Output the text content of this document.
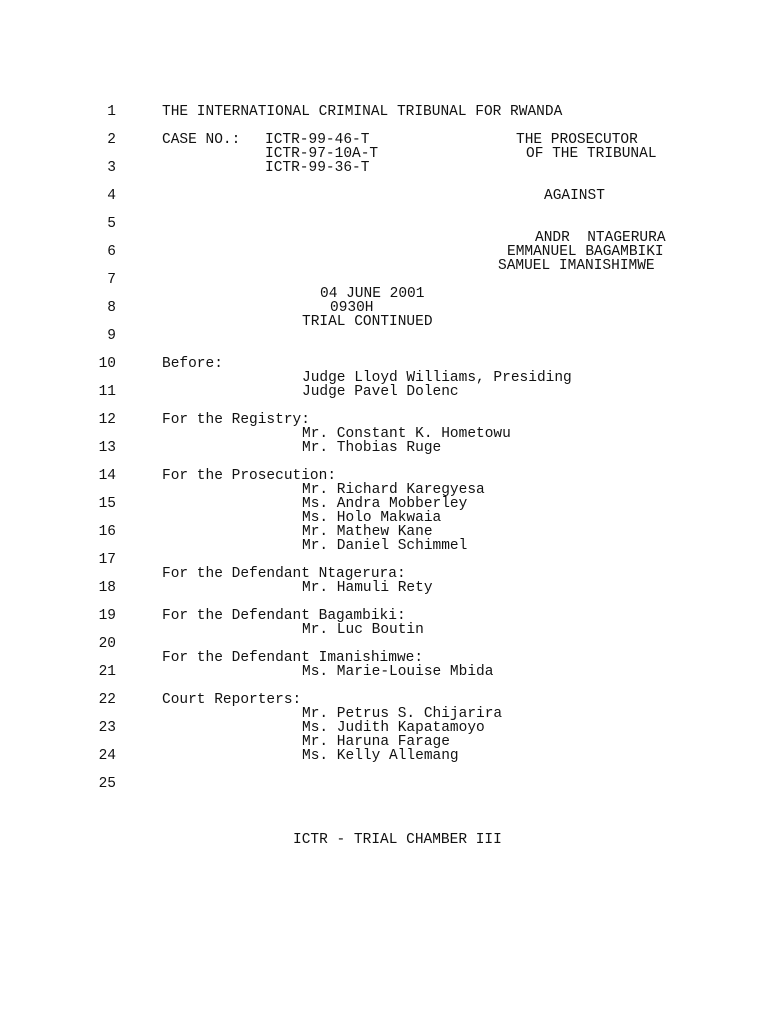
1
2
3
4
5
6
7
8
9
10
11
12
13
14
15
16
17
18
19
20
21
22
23
24
25
THE INTERNATIONAL CRIMINAL TRIBUNAL FOR RWANDA
CASE NO.: ICTR-99-46-T
ICTR-97-10A-T
ICTR-99-36-T
THE PROSECUTOR
OF THE TRIBUNAL
AGAINST
ANDR  NTAGERURA
EMMANUEL BAGAMBIKI
SAMUEL IMANISHIMWE
04 JUNE 2001
0930H
TRIAL CONTINUED
Before:
Judge Lloyd Williams, Presiding
Judge Pavel Dolenc
For the Registry:
Mr. Constant K. Hometowu
Mr. Thobias Ruge
For the Prosecution:
Mr. Richard Karegyesa
Ms. Andra Mobberley
Ms. Holo Makwaia
Mr. Mathew Kane
Mr. Daniel Schimmel
For the Defendant Ntagerura:
Mr. Hamuli Rety
For the Defendant Bagambiki:
Mr. Luc Boutin
For the Defendant Imanishimwe:
Ms. Marie-Louise Mbida
Court Reporters:
Mr. Petrus S. Chijarira
Ms. Judith Kapatamoyo
Mr. Haruna Farage
Ms. Kelly Allemang
ICTR - TRIAL CHAMBER III
